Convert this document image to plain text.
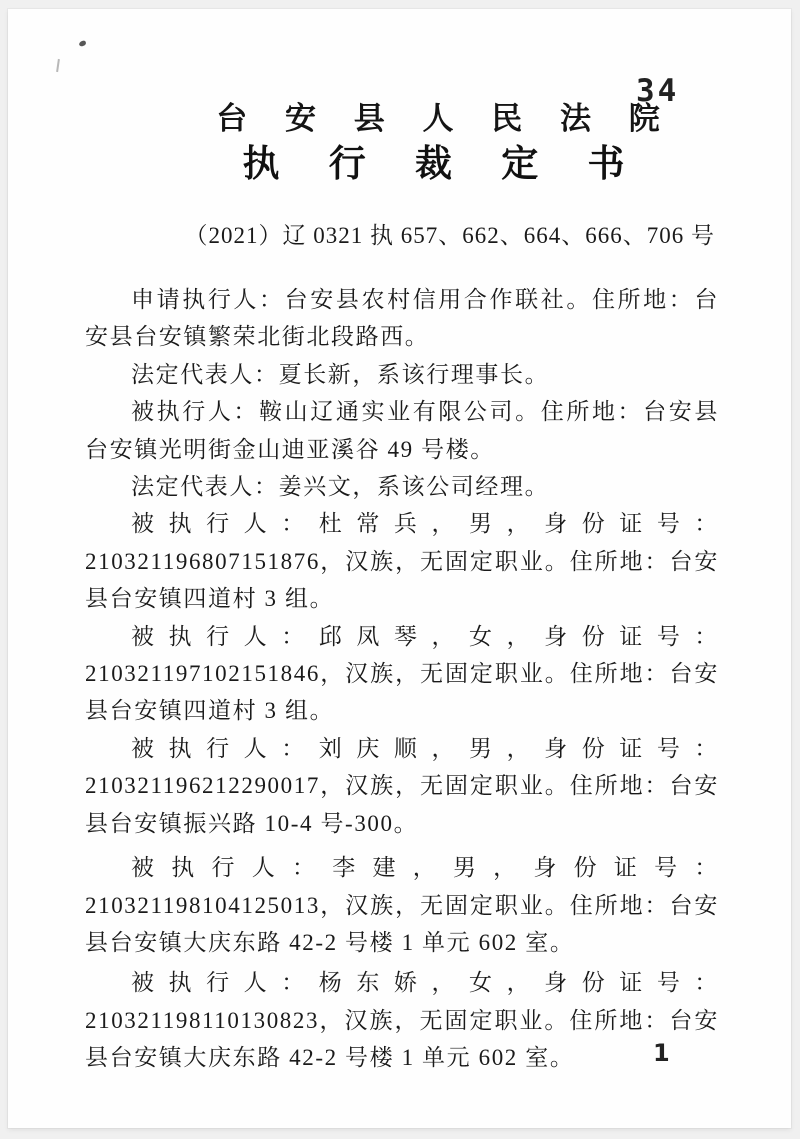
34
台 安 县 人 民 法 院
执 行 裁 定 书
（2021）辽 0321 执 657、662、664、666、706 号

申请执行人：台安县农村信用合作联社。住所地：台安县台安镇繁荣北街北段路西。

法定代表人：夏长新，系该行理事长。

被执行人：鞍山辽通实业有限公司。住所地：台安县台安镇光明街金山迪亚溪谷 49 号楼。

法定代表人：姜兴文，系该公司经理。

被执行人：杜常兵，男，身份证号：210321196807151876，汉族，无固定职业。住所地：台安县台安镇四道村 3 组。

被执行人：邱凤琴，女，身份证号：210321197102151846，汉族，无固定职业。住所地：台安县台安镇四道村 3 组。

被执行人：刘庆顺，男，身份证号：210321196212290017，汉族，无固定职业。住所地：台安县台安镇振兴路 10-4 号-300。

被执行人：李建，男，身份证号：210321198104125013，汉族，无固定职业。住所地：台安县台安镇大庆东路 42-2 号楼 1 单元 602 室。

被执行人：杨东娇，女，身份证号：210321198110130823，汉族，无固定职业。住所地：台安县台安镇大庆东路 42-2 号楼 1 单元 602 室。	1
